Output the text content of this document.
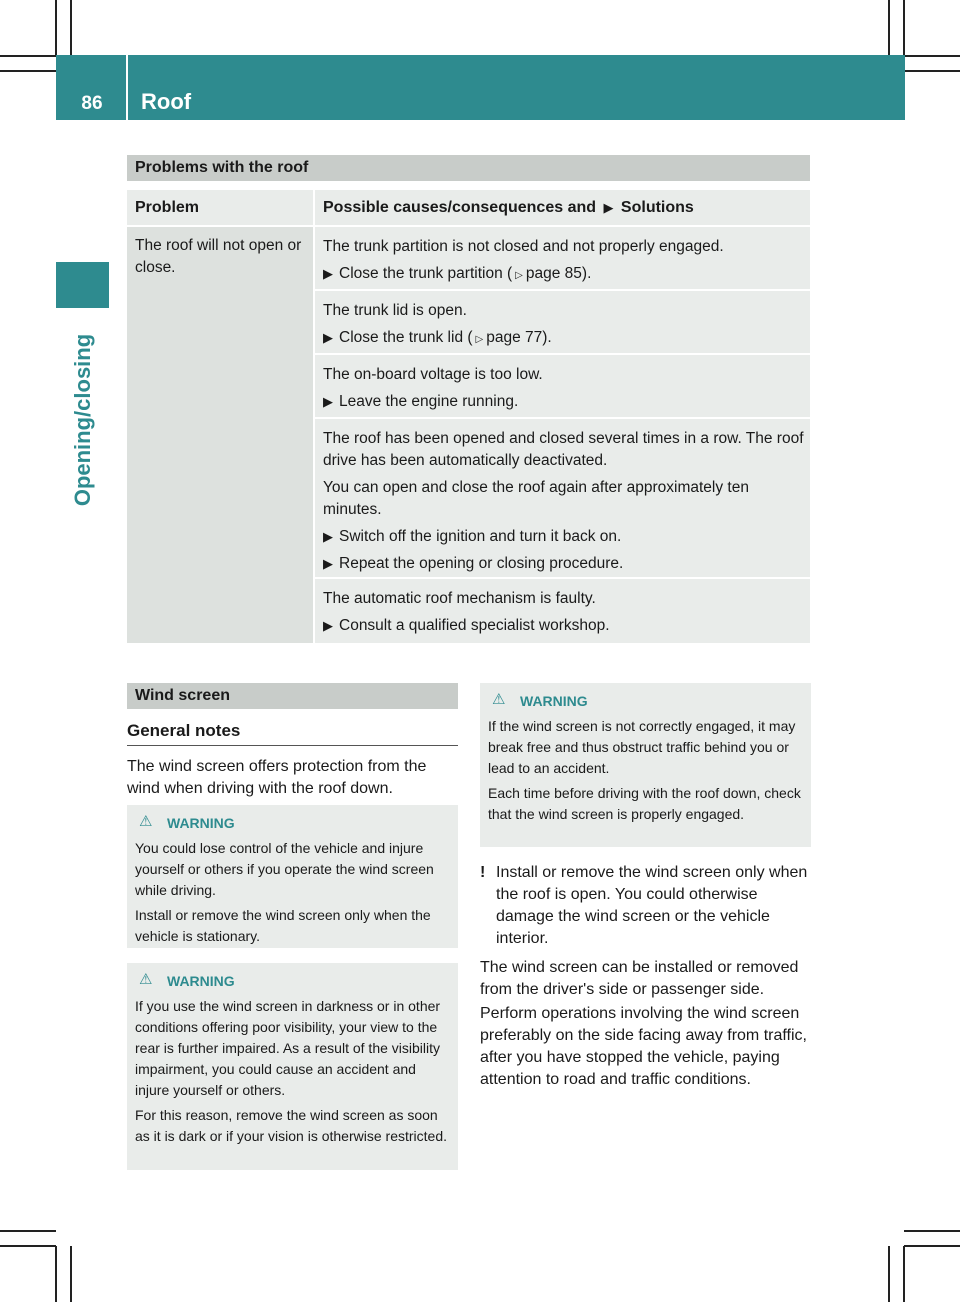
86	Roof
Opening/closing
Problems with the roof
Problem	Possible causes/consequences and ▶ Solutions
The roof will not open or close.

The trunk partition is not closed and not properly engaged.

▶ Close the trunk partition ( ▷ page 85).

The trunk lid is open.

▶ Close the trunk lid ( ▷ page 77).

The on-board voltage is too low.

▶ Leave the engine running.

The roof has been opened and closed several times in a row. The roof drive has been automatically deactivated.

You can open and close the roof again after approximately ten minutes.

▶ Switch off the ignition and turn it back on.

▶ Repeat the opening or closing procedure.

The automatic roof mechanism is faulty.

▶ Consult a qualified specialist workshop.

Wind screen
General notes
The wind screen offers protection from the wind when driving with the roof down.
⚠ WARNING

You could lose control of the vehicle and injure yourself or others if you operate the wind screen while driving.

Install or remove the wind screen only when the vehicle is stationary.

⚠ WARNING

If you use the wind screen in darkness or in other conditions offering poor visibility, your view to the rear is further impaired. As a result of the visibility impairment, you could cause an accident and injure yourself or others.

For this reason, remove the wind screen as soon as it is dark or if your vision is otherwise restricted.

⚠ WARNING

If the wind screen is not correctly engaged, it may break free and thus obstruct traffic behind you or lead to an accident.

Each time before driving with the roof down, check that the wind screen is properly engaged.

! Install or remove the wind screen only when the roof is open. You could otherwise damage the wind screen or the vehicle interior.
The wind screen can be installed or removed from the driver's side or passenger side.
Perform operations involving the wind screen preferably on the side facing away from traffic, after you have stopped the vehicle, paying attention to road and traffic conditions.
